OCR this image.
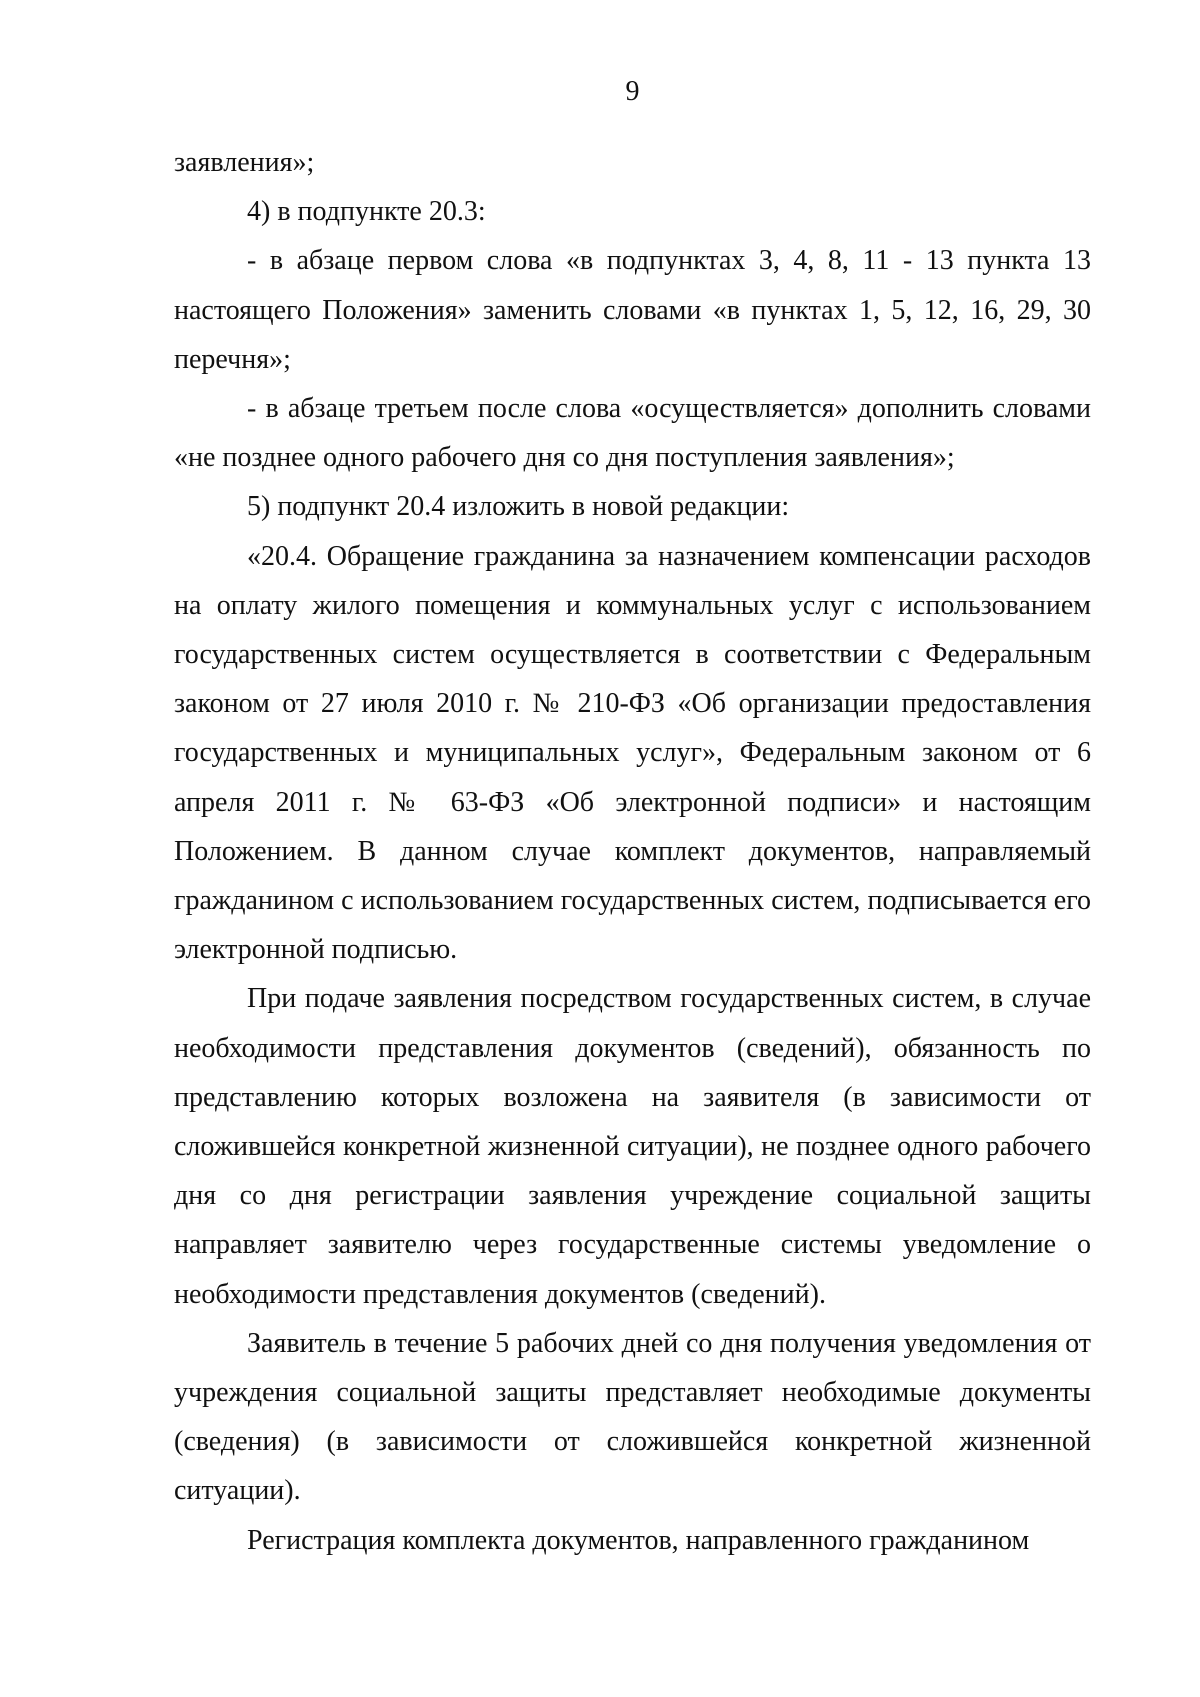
9

заявления»;

4) в подпункте 20.3:

- в абзаце первом слова «в подпунктах 3, 4, 8, 11 - 13 пункта 13 настоящего Положения» заменить словами «в пунктах 1, 5, 12, 16, 29, 30 перечня»;

- в абзаце третьем после слова «осуществляется» дополнить словами «не позднее одного рабочего дня со дня поступления заявления»;

5) подпункт 20.4 изложить в новой редакции:

«20.4. Обращение гражданина за назначением компенсации расходов на оплату жилого помещения и коммунальных услуг с использованием государственных систем осуществляется в соответствии с Федеральным законом от 27 июля 2010 г. № 210-ФЗ «Об организации предоставления государственных и муниципальных услуг», Федеральным законом от 6 апреля 2011 г. № 63-ФЗ «Об электронной подписи» и настоящим Положением. В данном случае комплект документов, направляемый гражданином с использованием государственных систем, подписывается его электронной подписью.

При подаче заявления посредством государственных систем, в случае необходимости представления документов (сведений), обязанность по представлению которых возложена на заявителя (в зависимости от сложившейся конкретной жизненной ситуации), не позднее одного рабочего дня со дня регистрации заявления учреждение социальной защиты направляет заявителю через государственные системы уведомление о необходимости представления документов (сведений).

Заявитель в течение 5 рабочих дней со дня получения уведомления от учреждения социальной защиты представляет необходимые документы (сведения) (в зависимости от сложившейся конкретной жизненной ситуации).

Регистрация комплекта документов, направленного гражданином
